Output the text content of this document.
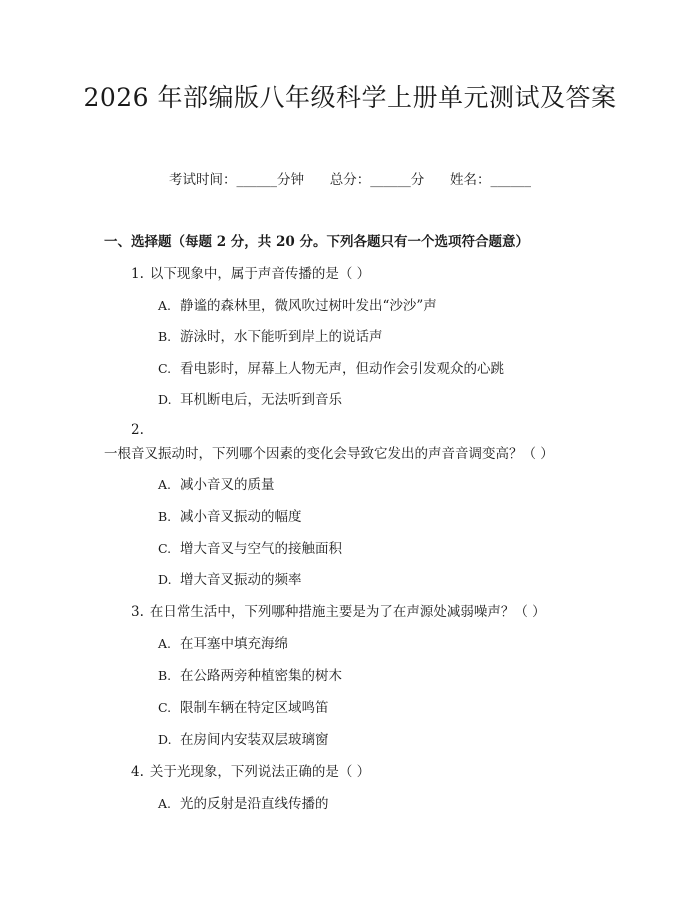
2026 年部编版八年级科学上册单元测试及答案
考试时间：______分钟      总分：______分      姓名：______
一、选择题（每题 2 分，共 20 分。下列各题只有一个选项符合题意）
1. 以下现象中，属于声音传播的是（ ）
A. 静谧的森林里，微风吹过树叶发出“沙沙”声
B. 游泳时，水下能听到岸上的说话声
C. 看电影时，屏幕上人物无声，但动作会引发观众的心跳
D. 耳机断电后，无法听到音乐
2.一根音叉振动时，下列哪个因素的变化会导致它发出的声音音调变高？（ ）
A. 减小音叉的质量
B. 减小音叉振动的幅度
C. 增大音叉与空气的接触面积
D. 增大音叉振动的频率
3. 在日常生活中，下列哪种措施主要是为了在声源处减弱噪声？（ ）
A. 在耳塞中填充海绵
B. 在公路两旁种植密集的树木
C. 限制车辆在特定区域鸣笛
D. 在房间内安装双层玻璃窗
4. 关于光现象，下列说法正确的是（ ）
A. 光的反射是沿直线传播的
